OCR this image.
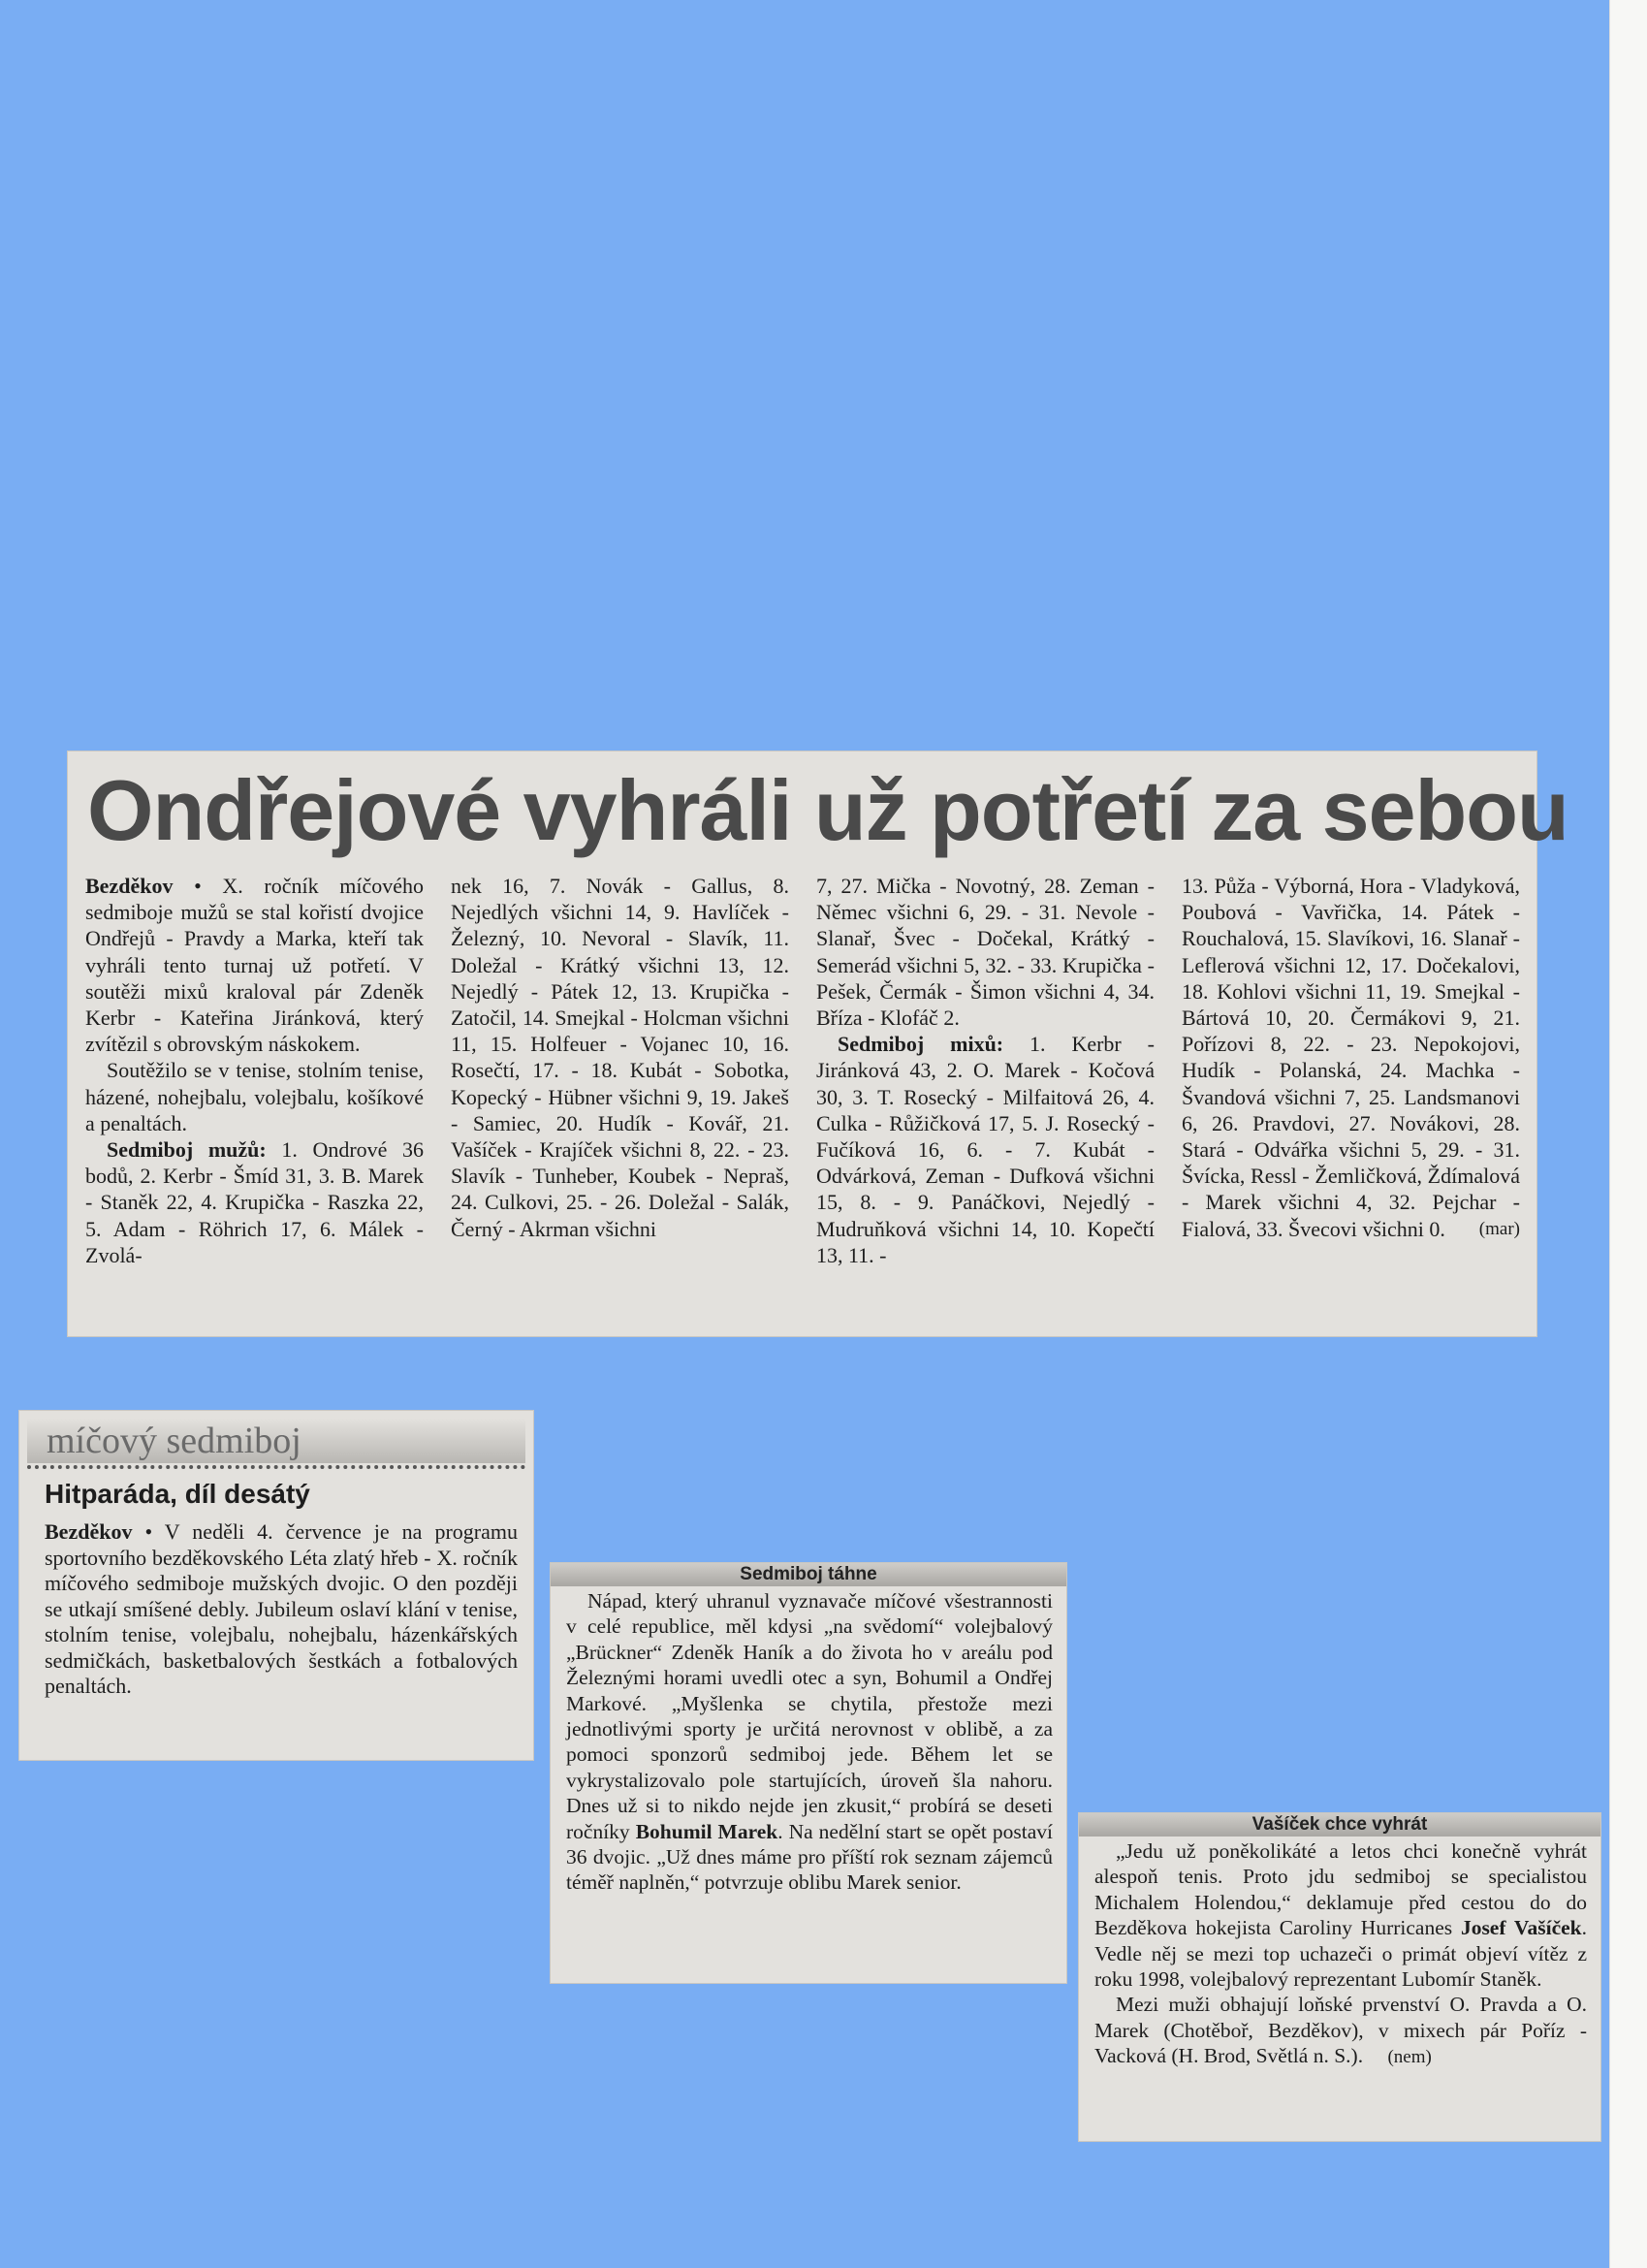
Ondřejové vyhráli už potřetí za sebou

Bezděkov • X. ročník míčového sedmiboje mužů se stal kořistí dvojice Ondřejů - Pravdy a Marka, kteří tak vyhráli tento turnaj už potřetí. V soutěži mixů kraloval pár Zdeněk Kerbr - Kateřina Jiránková, který zvítězil s obrovským náskokem.

Soutěžilo se v tenise, stolním tenise, házené, nohejbalu, volejbalu, košíkové a penaltách.

Sedmiboj mužů: 1. Ondrové 36 bodů, 2. Kerbr - Šmíd 31, 3. B. Marek - Staněk 22, 4. Krupička - Raszka 22, 5. Adam - Röhrich 17, 6. Málek - Zvolá-

nek 16, 7. Novák - Gallus, 8. Nejedlých všichni 14, 9. Havlíček - Železný, 10. Nevoral - Slavík, 11. Doležal - Krátký všichni 13, 12. Nejedlý - Pátek 12, 13. Krupička - Zatočil, 14. Smejkal - Holcman všichni 11, 15. Holfeuer - Vojanec 10, 16. Rosečtí, 17. - 18. Kubát - Sobotka, Kopecký - Hübner všichni 9, 19. Jakeš - Samiec, 20. Hudík - Kovář, 21. Vašíček - Krajíček všichni 8, 22. - 23. Slavík - Tunheber, Koubek - Nepraš, 24. Culkovi, 25. - 26. Doležal - Salák, Černý - Akrman všichni

7, 27. Mička - Novotný, 28. Zeman - Němec všichni 6, 29. - 31. Nevole - Slanař, Švec - Dočekal, Krátký - Semerád všichni 5, 32. - 33. Krupička - Pešek, Čermák - Šimon všichni 4, 34. Bříza - Klofáč 2.

Sedmiboj mixů: 1. Kerbr - Jiránková 43, 2. O. Marek - Kočová 30, 3. T. Rosecký - Milfaitová 26, 4. Culka - Růžičková 17, 5. J. Rosecký - Fučíková 16, 6. - 7. Kubát - Odvárková, Zeman - Dufková všichni 15, 8. - 9. Panáčkovi, Nejedlý - Mudruňková všichni 14, 10. Kopečtí 13, 11. -

13. Půža - Výborná, Hora - Vladyková, Poubová - Vavřička, 14. Pátek - Rouchalová, 15. Slavíkovi, 16. Slanař - Leflerová všichni 12, 17. Dočekalovi, 18. Kohlovi všichni 11, 19. Smejkal - Bártová 10, 20. Čermákovi 9, 21. Pořízovi 8, 22. - 23. Nepokojovi, Hudík - Polanská, 24. Machka - Švandová všichni 7, 25. Landsmanovi 6, 26. Pravdovi, 27. Novákovi, 28. Stará - Odvářka všichni 5, 29. - 31. Švícka, Ressl - Žemličková, Ždímalová - Marek všichni 4, 32. Pejchar - Fialová, 33. Švecovi všichni 0. (mar)

míčový sedmiboj
Hitparáda, díl desátý
Bezděkov • V neděli 4. července je na programu sportovního bezděkovského Léta zlatý hřeb - X. ročník míčového sedmiboje mužských dvojic. O den později se utkají smíšené debly. Jubileum oslaví klání v tenise, stolním tenise, volejbalu, nohejbalu, házenkářských sedmičkách, basketbalových šestkách a fotbalových penaltách.
Sedmiboj táhne

Nápad, který uhranul vyznavače míčové všestrannosti v celé republice, měl kdysi „na svědomí“ volejbalový „Brückner“ Zdeněk Haník a do života ho v areálu pod Železnými horami uvedli otec a syn, Bohumil a Ondřej Markové. „Myšlenka se chytila, přestože mezi jednotlivými sporty je určitá nerovnost v oblibě, a za pomoci sponzorů sedmiboj jede. Během let se vykrystalizovalo pole startujících, úroveň šla nahoru. Dnes už si to nikdo nejde jen zkusit,“ probírá se deseti ročníky Bohumil Marek. Na nedělní start se opět postaví 36 dvojic. „Už dnes máme pro příští rok seznam zájemců téměř naplněn,“ potvrzuje oblibu Marek senior.

Vašíček chce vyhrát

„Jedu už poněkolikáté a letos chci konečně vyhrát alespoň tenis. Proto jdu sedmiboj se specialistou Michalem Holendou,“ deklamuje před cestou do do Bezděkova hokejista Caroliny Hurricanes Josef Vašíček. Vedle něj se mezi top uchazeči o primát objeví vítěz z roku 1998, volejbalový reprezentant Lubomír Staněk.

Mezi muži obhajují loňské prvenství O. Pravda a O. Marek (Chotěboř, Bezděkov), v mixech pár Poříz - Vacková (H. Brod, Světlá n. S.). (nem)
